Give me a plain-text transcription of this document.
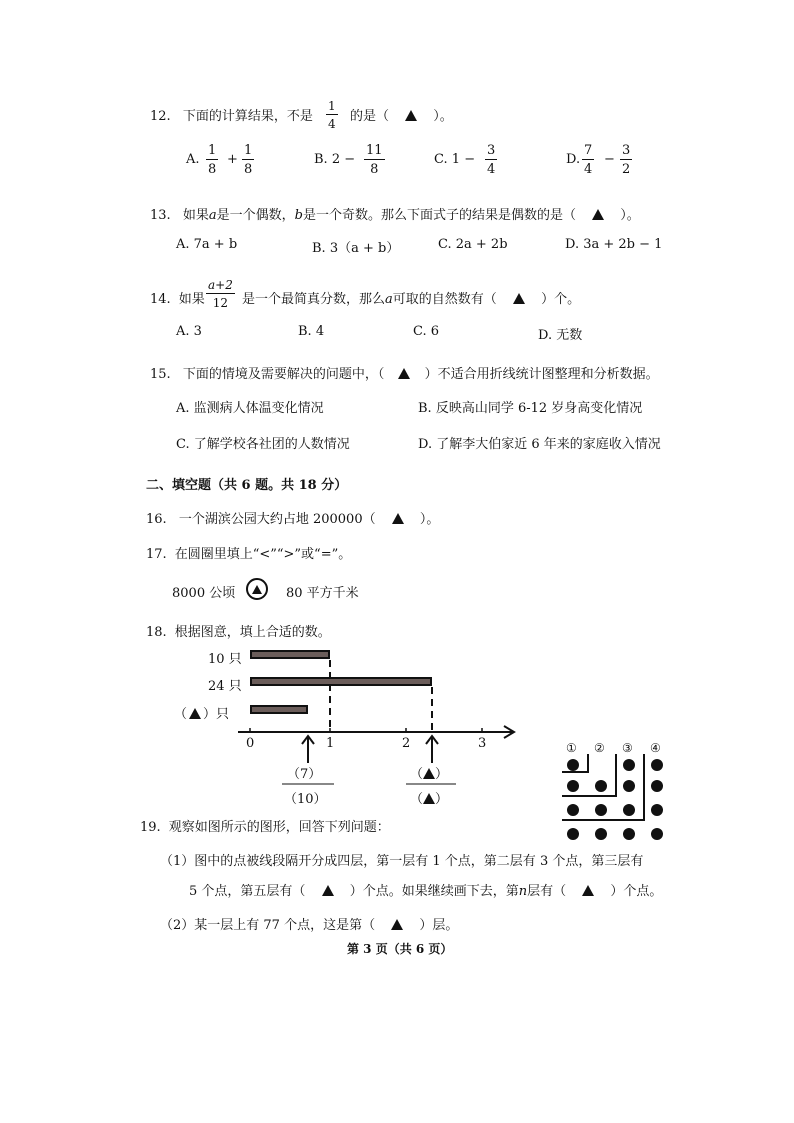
12. 下面的计算结果，不是 $\frac{1}{4}$ 的是（	）。
A. $\frac{1}{8} + \frac{1}{8}$	B. $2 - \frac{11}{8}$	C. $1 - \frac{3}{4}$	D. $\frac{7}{4} - \frac{3}{2}$
13. 如果a是一个偶数，b是一个奇数。那么下面式子的结果是偶数的是（	）。
A. 7a + b	B. 3（a + b）	C. 2a + 2b	D. 3a + 2b − 1
14. 如果 $\frac{a+2}{12}$ 是一个最简真分数，那么a可取的自然数有（	）个。
A. 3	B. 4	C. 6	D. 无数
15. 下面的情境及需要解决的问题中，（	）不适合用折线统计图整理和分析数据。
A. 监测病人体温变化情况	B. 反映高山同学 6-12 岁身高变化情况
C. 了解学校各社团的人数情况	D. 了解李大伯家近 6 年来的家庭收入情况
二、填空题（共 6 题。共 18 分）
16. 一个湖滨公园大约占地 200000（	）。
17. 在圆圈里填上“<”“>”或“=”。
8000 公顷	80 平方千米
18. 根据图意，填上合适的数。
10 只
24 只
（ ）只
0	1	2	3
（7）
（10）
（ ）
（ ）
① ② ③ ④
19. 观察如图所示的图形，回答下列问题：
（1）图中的点被线段隔开分成四层，第一层有 1 个点，第二层有 3 个点，第三层有
5 个点，第五层有（	）个点。如果继续画下去，第n层有（	）个点。
（2）某一层上有 77 个点，这是第（	）层。
第 3 页（共 6 页）
